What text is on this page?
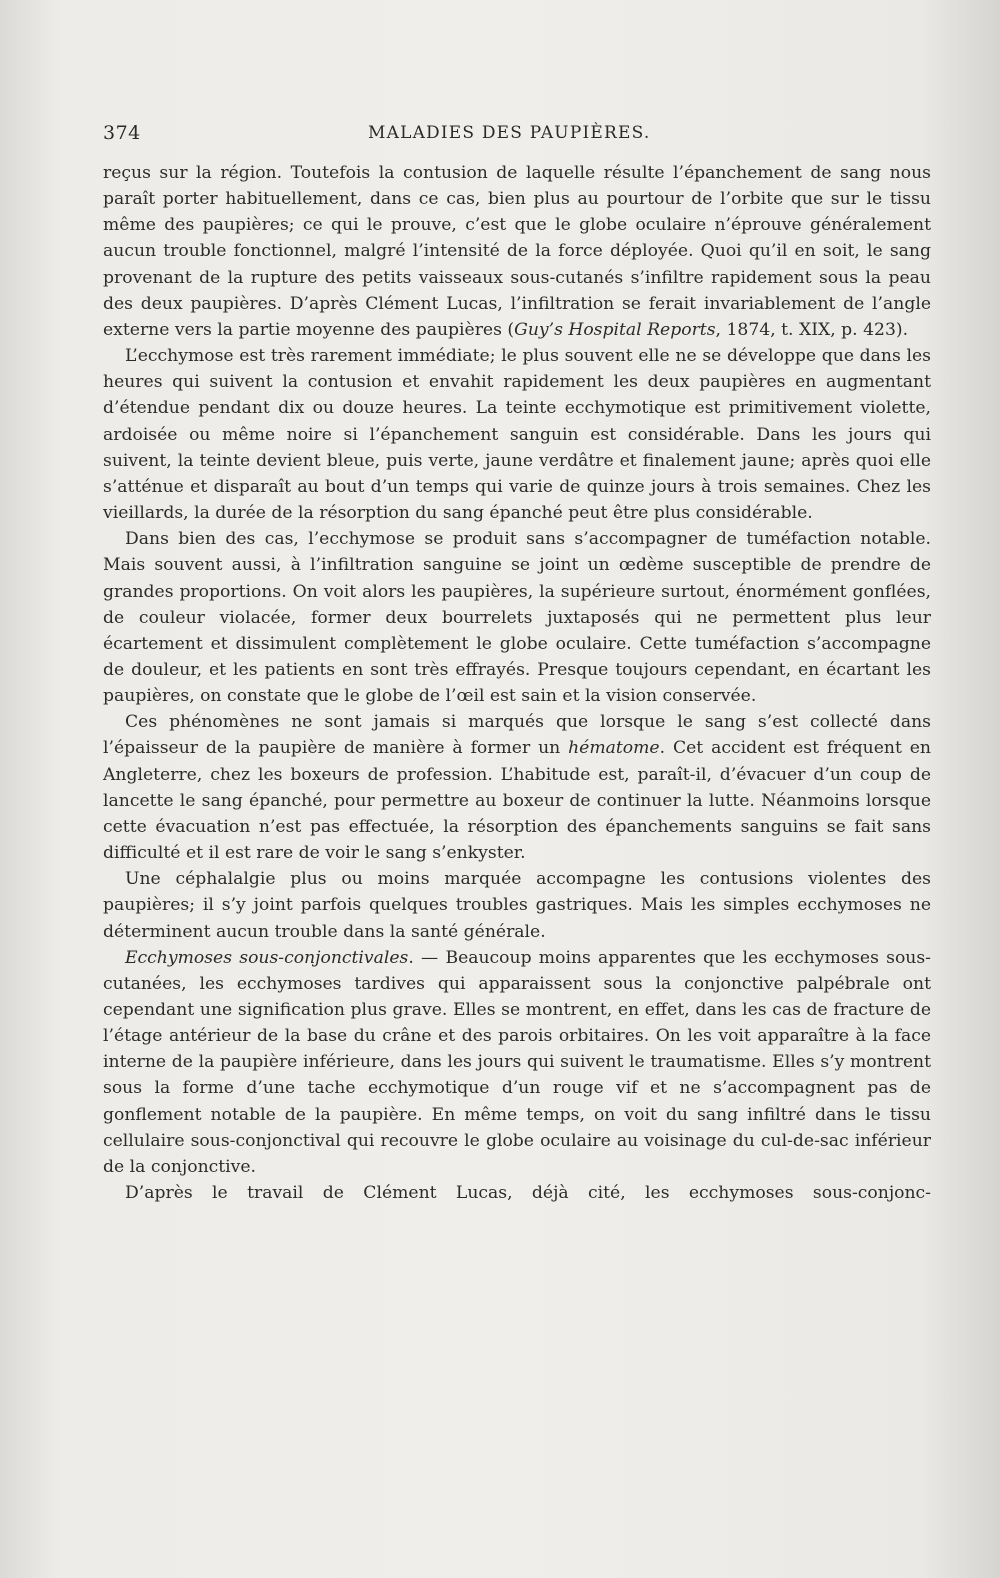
374	MALADIES DES PAUPIÈRES.

reçus sur la région. Toutefois la contusion de laquelle résulte l’épanchement de sang nous paraît porter habituellement, dans ce cas, bien plus au pourtour de l’orbite que sur le tissu même des paupières; ce qui le prouve, c’est que le globe oculaire n’éprouve généralement aucun trouble fonctionnel, malgré l’intensité de la force déployée. Quoi qu’il en soit, le sang provenant de la rupture des petits vaisseaux sous-cutanés s’infiltre rapidement sous la peau des deux paupières. D’après Clément Lucas, l’infiltration se ferait invariablement de l’angle externe vers la partie moyenne des paupières (Guy’s Hospital Reports, 1874, t. XIX, p. 423).

L’ecchymose est très rarement immédiate; le plus souvent elle ne se développe que dans les heures qui suivent la contusion et envahit rapidement les deux paupières en augmentant d’étendue pendant dix ou douze heures. La teinte ecchymotique est primitivement violette, ardoisée ou même noire si l’épanchement sanguin est considérable. Dans les jours qui suivent, la teinte devient bleue, puis verte, jaune verdâtre et finalement jaune; après quoi elle s’atténue et disparaît au bout d’un temps qui varie de quinze jours à trois semaines. Chez les vieillards, la durée de la résorption du sang épanché peut être plus considérable.

Dans bien des cas, l’ecchymose se produit sans s’accompagner de tuméfaction notable. Mais souvent aussi, à l’infiltration sanguine se joint un œdème susceptible de prendre de grandes proportions. On voit alors les paupières, la supérieure surtout, énormément gonflées, de couleur violacée, former deux bourrelets juxtaposés qui ne permettent plus leur écartement et dissimulent complètement le globe oculaire. Cette tuméfaction s’accompagne de douleur, et les patients en sont très effrayés. Presque toujours cependant, en écartant les paupières, on constate que le globe de l’œil est sain et la vision conservée.

Ces phénomènes ne sont jamais si marqués que lorsque le sang s’est collecté dans l’épaisseur de la paupière de manière à former un hématome. Cet accident est fréquent en Angleterre, chez les boxeurs de profession. L’habitude est, paraît-il, d’évacuer d’un coup de lancette le sang épanché, pour permettre au boxeur de continuer la lutte. Néanmoins lorsque cette évacuation n’est pas effectuée, la résorption des épanchements sanguins se fait sans difficulté et il est rare de voir le sang s’enkyster.

Une céphalalgie plus ou moins marquée accompagne les contusions violentes des paupières; il s’y joint parfois quelques troubles gastriques. Mais les simples ecchymoses ne déterminent aucun trouble dans la santé générale.

Ecchymoses sous-conjonctivales. — Beaucoup moins apparentes que les ecchymoses sous-cutanées, les ecchymoses tardives qui apparaissent sous la conjonctive palpébrale ont cependant une signification plus grave. Elles se montrent, en effet, dans les cas de fracture de l’étage antérieur de la base du crâne et des parois orbitaires. On les voit apparaître à la face interne de la paupière inférieure, dans les jours qui suivent le traumatisme. Elles s’y montrent sous la forme d’une tache ecchymotique d’un rouge vif et ne s’accompagnent pas de gonflement notable de la paupière. En même temps, on voit du sang infiltré dans le tissu cellulaire sous-conjonctival qui recouvre le globe oculaire au voisinage du cul-de-sac inférieur de la conjonctive.

D’après le travail de Clément Lucas, déjà cité, les ecchymoses sous-conjonc-
